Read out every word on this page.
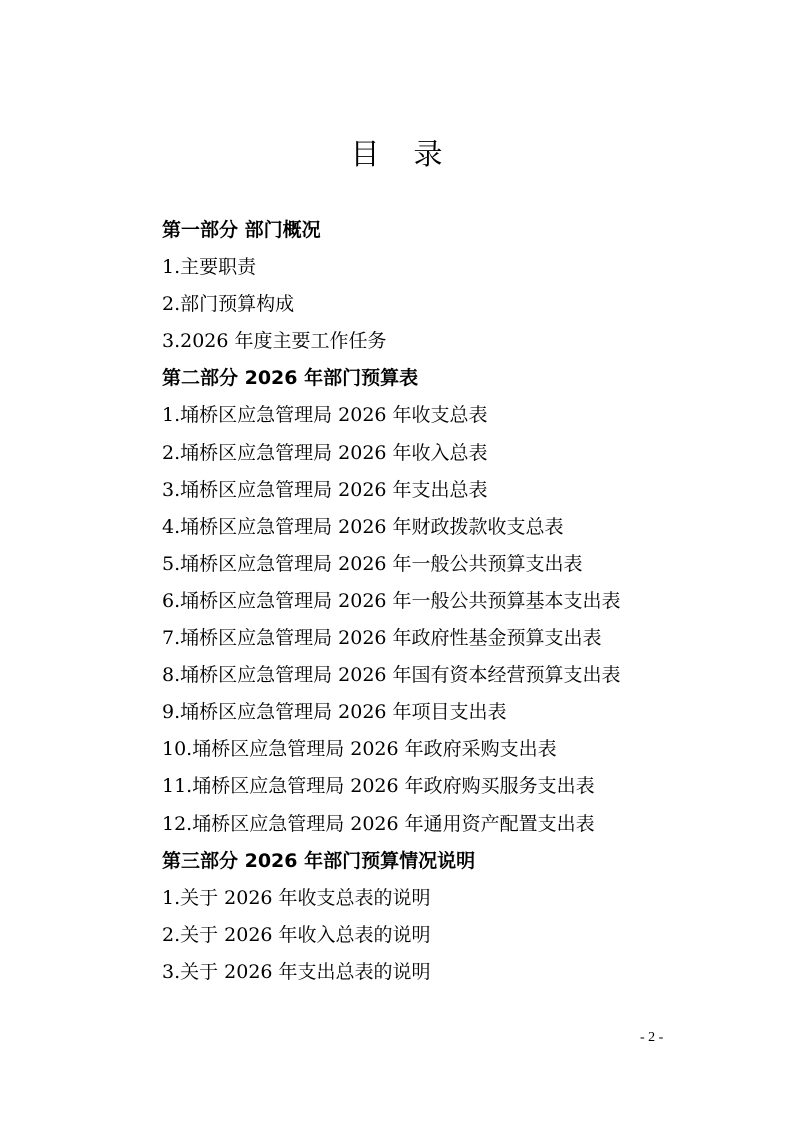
目 录
第一部分 部门概况
1.主要职责
2.部门预算构成
3.2026 年度主要工作任务
第二部分 2026 年部门预算表
1.埇桥区应急管理局 2026 年收支总表
2.埇桥区应急管理局 2026 年收入总表
3.埇桥区应急管理局 2026 年支出总表
4.埇桥区应急管理局 2026 年财政拨款收支总表
5.埇桥区应急管理局 2026 年一般公共预算支出表
6.埇桥区应急管理局 2026 年一般公共预算基本支出表
7.埇桥区应急管理局 2026 年政府性基金预算支出表
8.埇桥区应急管理局 2026 年国有资本经营预算支出表
9.埇桥区应急管理局 2026 年项目支出表
10.埇桥区应急管理局 2026 年政府采购支出表
11.埇桥区应急管理局 2026 年政府购买服务支出表
12.埇桥区应急管理局 2026 年通用资产配置支出表
第三部分 2026 年部门预算情况说明
1.关于 2026 年收支总表的说明
2.关于 2026 年收入总表的说明
3.关于 2026 年支出总表的说明
- 2 -
